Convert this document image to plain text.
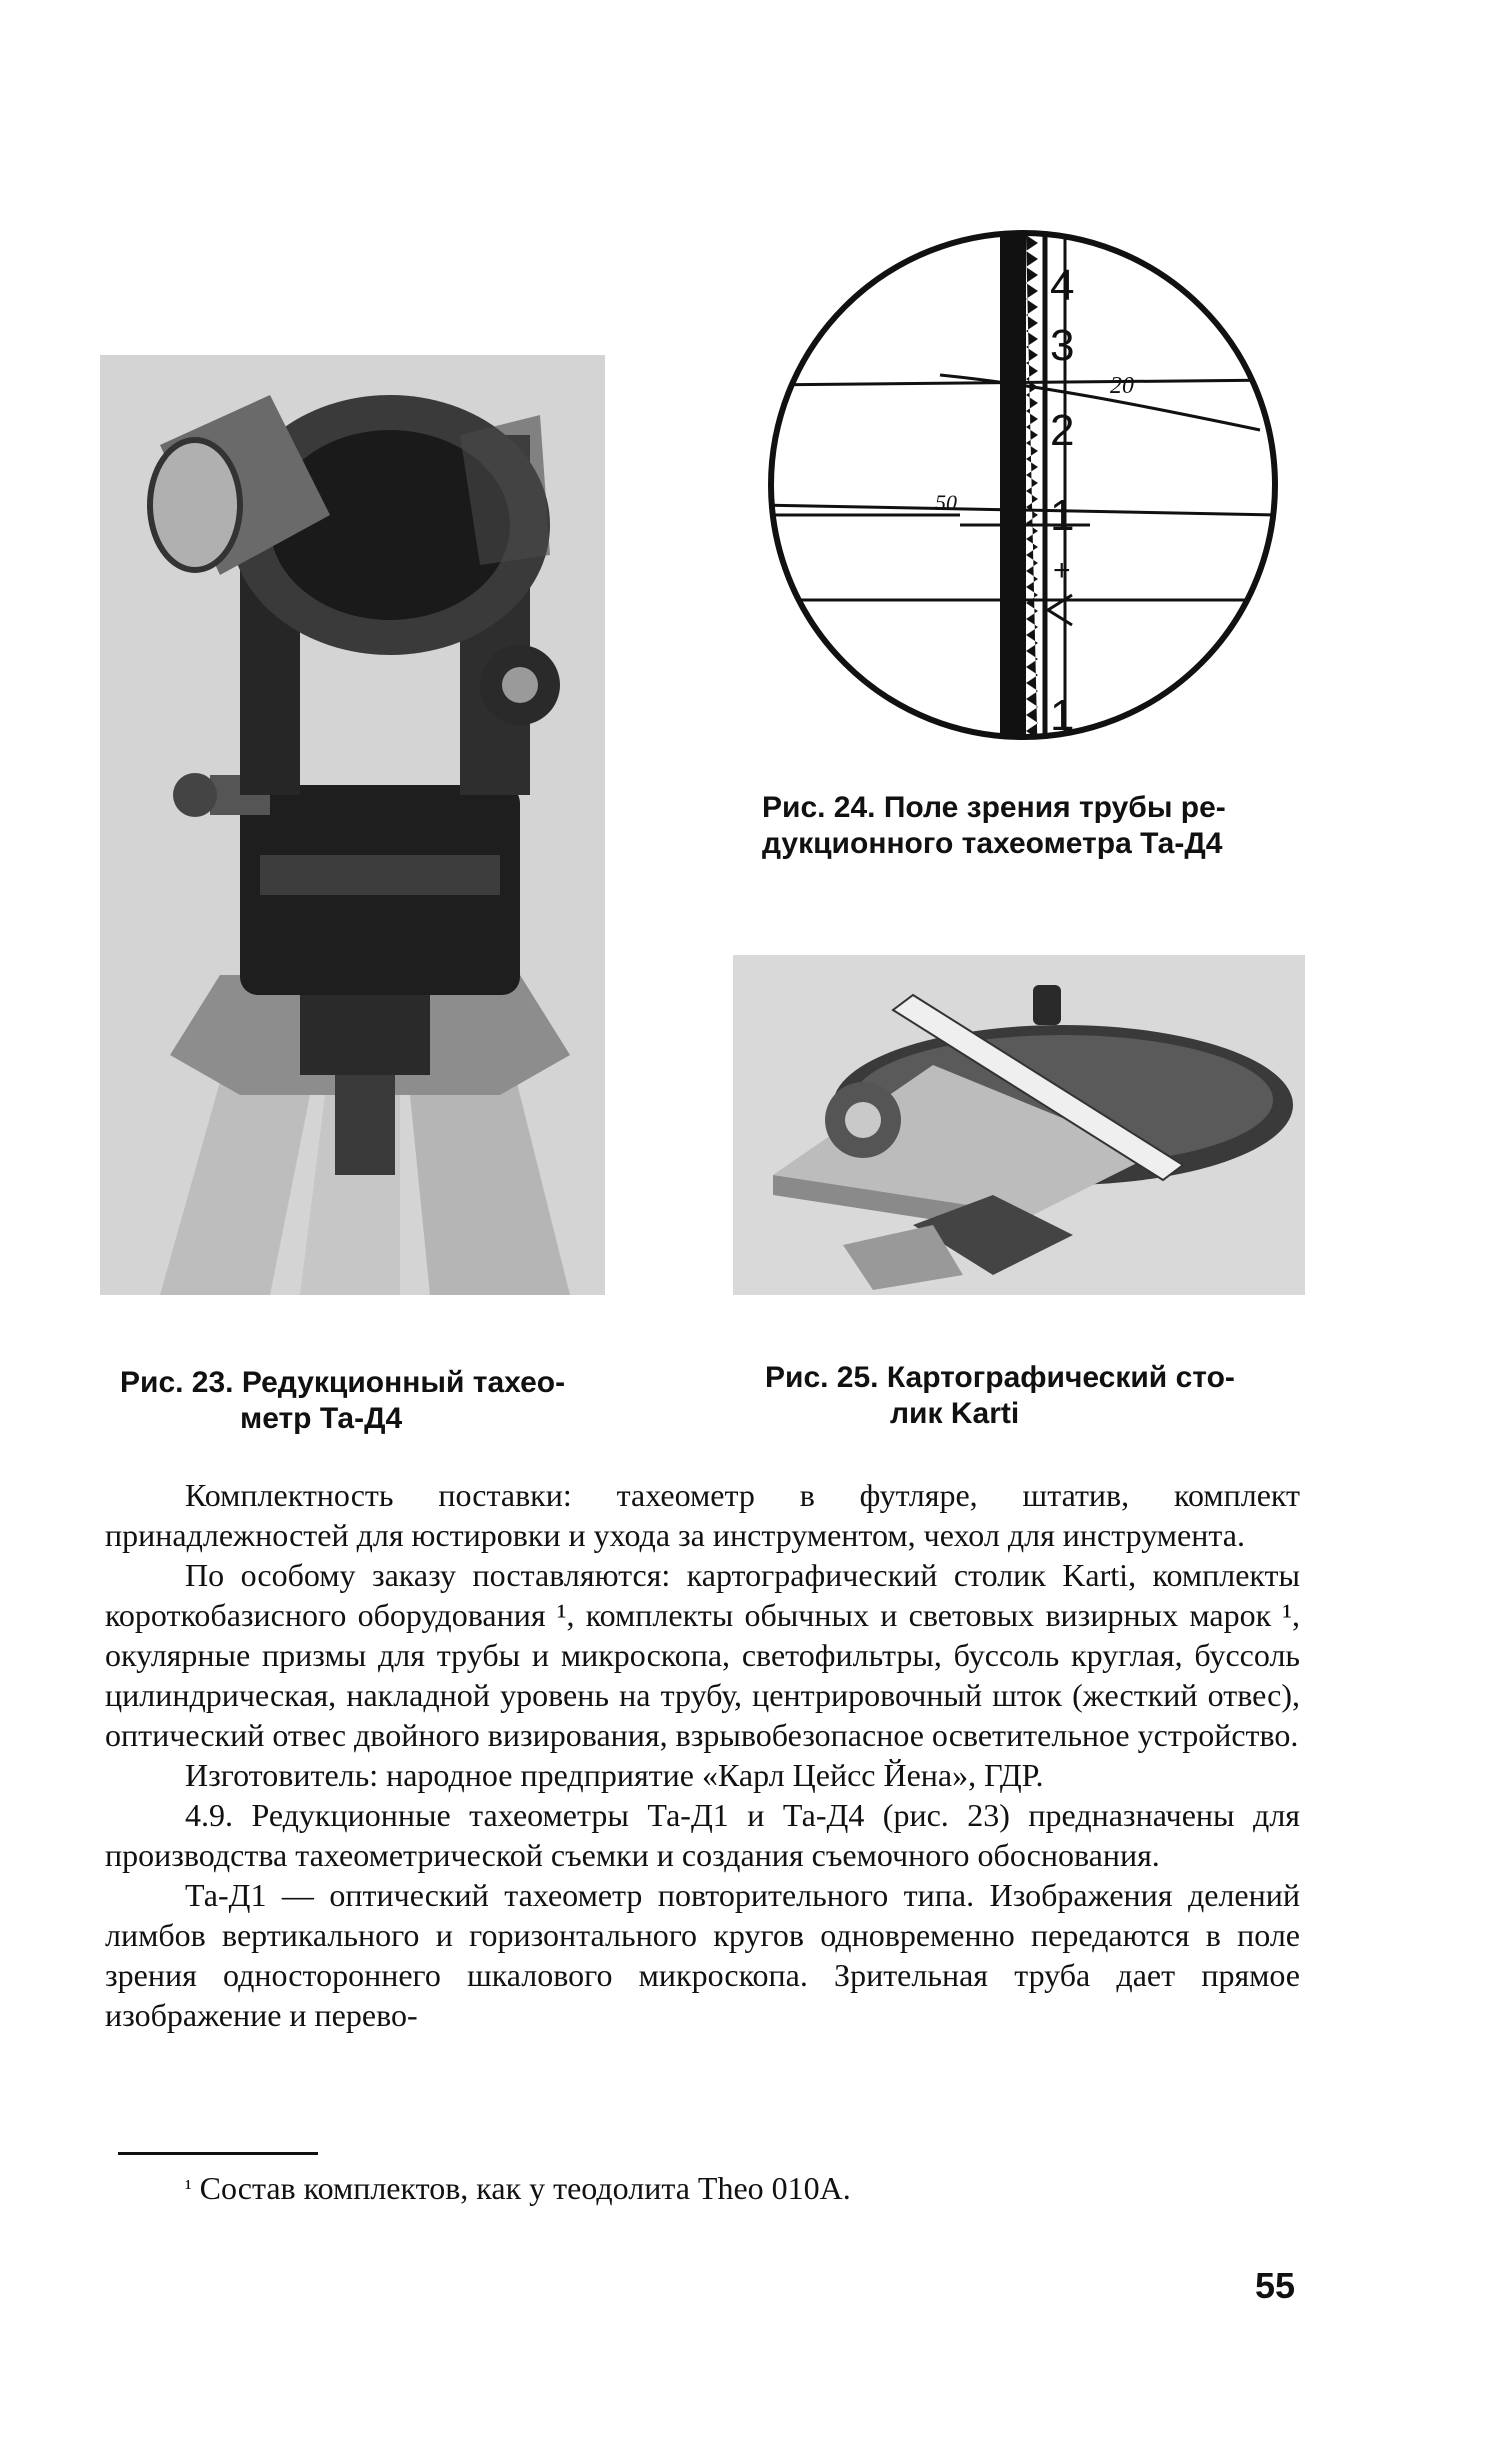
4
3
2
1
+
1
20
50
Рис. 24. Поле зрения трубы ре-
дукционного тахеометра Та-Д4
Рис. 23. Редукционный тахео-
метр Та-Д4
Рис. 25. Картографический сто-
лик Karti

Комплектность поставки: тахеометр в футляре, штатив, комплект принадлежностей для юстировки и ухода за инструментом, чехол для инструмента.

По особому заказу поставляются: картографический столик Karti, комплекты короткобазисного оборудования ¹, комплекты обычных и световых визирных марок ¹, окулярные призмы для трубы и микроскопа, светофильтры, буссоль круглая, буссоль цилиндрическая, накладной уровень на трубу, центрировочный шток (жесткий отвес), оптический отвес двойного визирования, взрывобезопасное осветительное устройство.

Изготовитель: народное предприятие «Карл Цейсс Йена», ГДР.

4.9. Редукционные тахеометры Та-Д1 и Та-Д4 (рис. 23) предназначены для производства тахеометрической съемки и создания съемочного обоснования.

Та-Д1 — оптический тахеометр повторительного типа. Изображения делений лимбов вертикального и горизонтального кругов одновременно передаются в поле зрения одностороннего шкалового микроскопа. Зрительная труба дает прямое изображение и перево-

$^{^1}$ Состав комплектов, как у теодолита Theo 010A.
55
